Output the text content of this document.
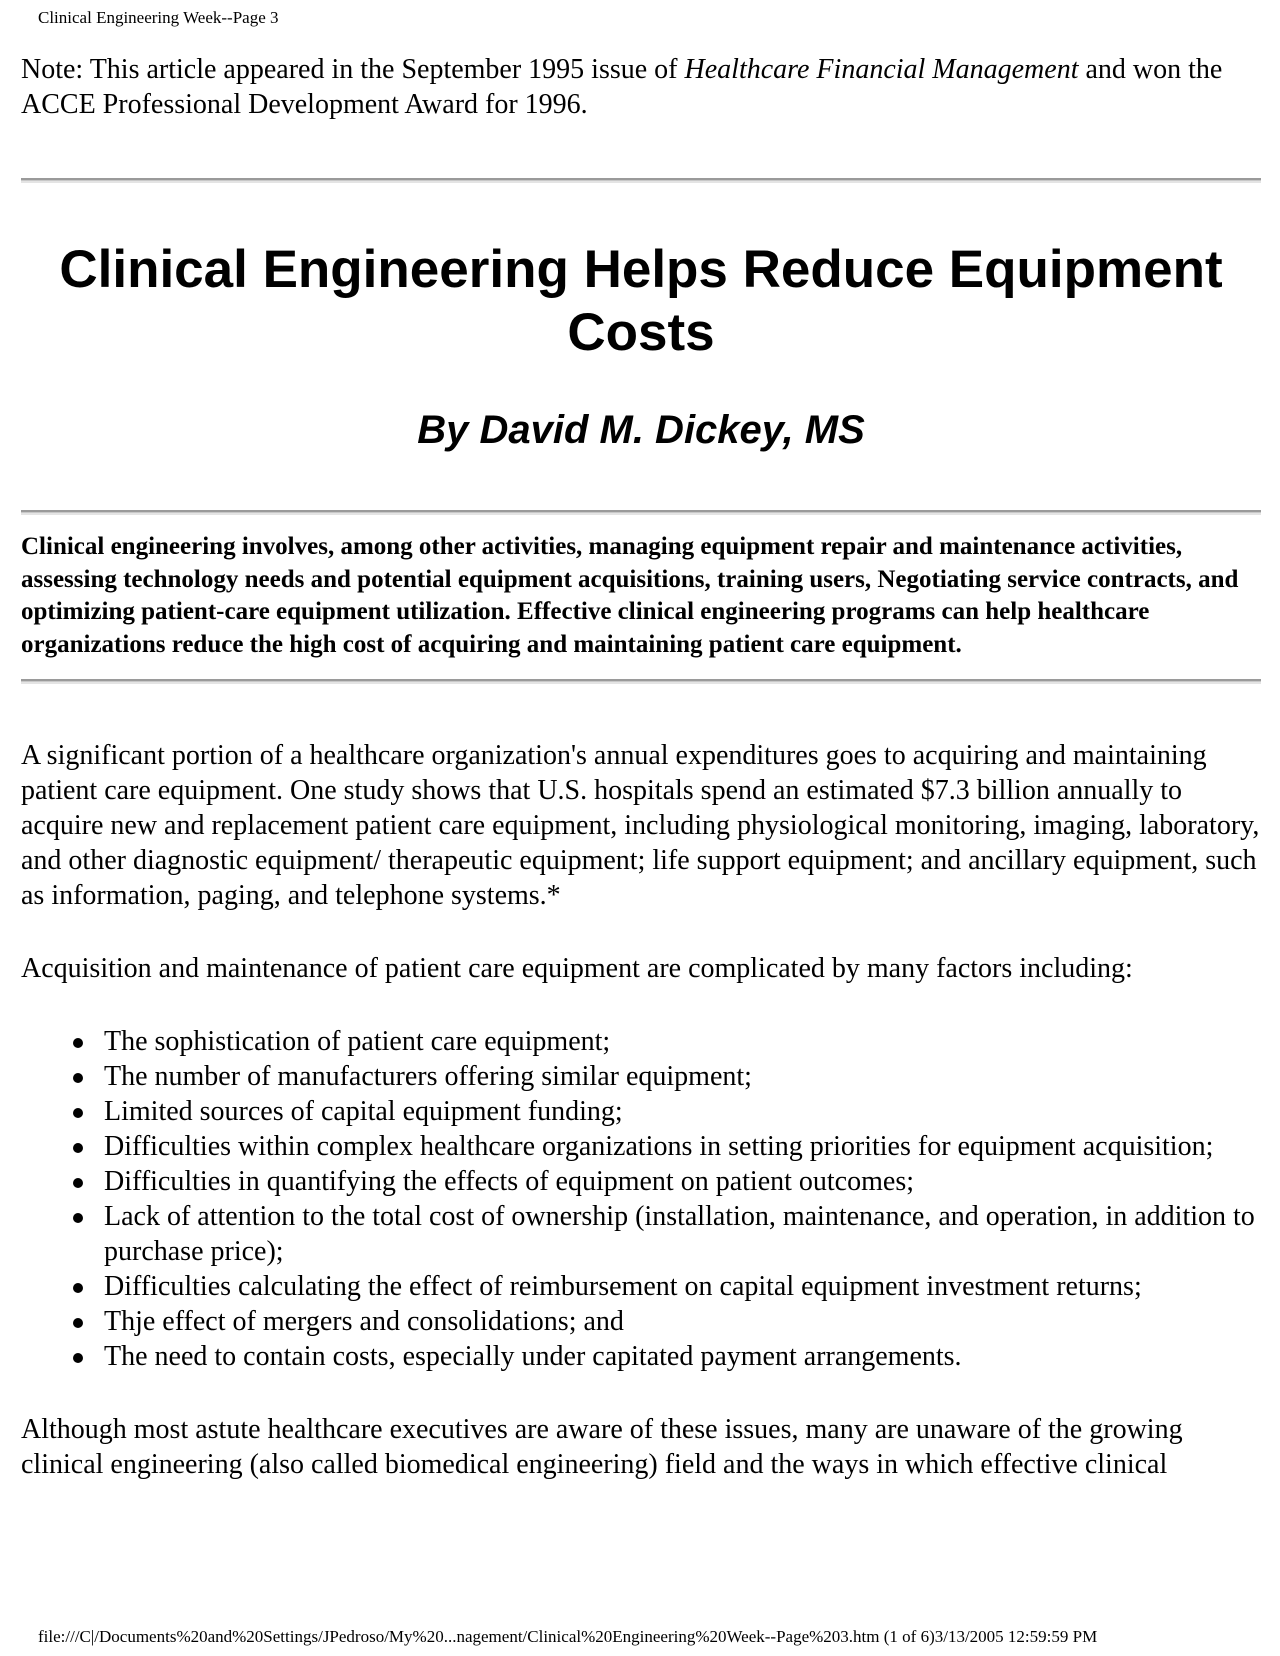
Clinical Engineering Week--Page 3

Note: This article appeared in the September 1995 issue of Healthcare Financial Management and won the ACCE Professional Development Award for 1996.

Clinical Engineering Helps Reduce Equipment Costs
By David M. Dickey, MS

Clinical engineering involves, among other activities, managing equipment repair and maintenance activities, assessing technology needs and potential equipment acquisitions, training users, Negotiating service contracts, and optimizing patient-care equipment utilization. Effective clinical engineering programs can help healthcare organizations reduce the high cost of acquiring and maintaining patient care equipment.

A significant portion of a healthcare organization's annual expenditures goes to acquiring and maintaining patient care equipment. One study shows that U.S. hospitals spend an estimated $7.3 billion annually to acquire new and replacement patient care equipment, including physiological monitoring, imaging, laboratory, and other diagnostic equipment/ therapeutic equipment; life support equipment; and ancillary equipment, such as information, paging, and telephone systems.*

Acquisition and maintenance of patient care equipment are complicated by many factors including:

The sophistication of patient care equipment;
The number of manufacturers offering similar equipment;
Limited sources of capital equipment funding;
Difficulties within complex healthcare organizations in setting priorities for equipment acquisition;
Difficulties in quantifying the effects of equipment on patient outcomes;
Lack of attention to the total cost of ownership (installation, maintenance, and operation, in addition to purchase price);
Difficulties calculating the effect of reimbursement on capital equipment investment returns;
Thje effect of mergers and consolidations; and
The need to contain costs, especially under capitated payment arrangements.

Although most astute healthcare executives are aware of these issues, many are unaware of the growing clinical engineering (also called biomedical engineering) field and the ways in which effective clinical

file:///C|/Documents%20and%20Settings/JPedroso/My%20...nagement/Clinical%20Engineering%20Week--Page%203.htm (1 of 6)3/13/2005 12:59:59 PM
